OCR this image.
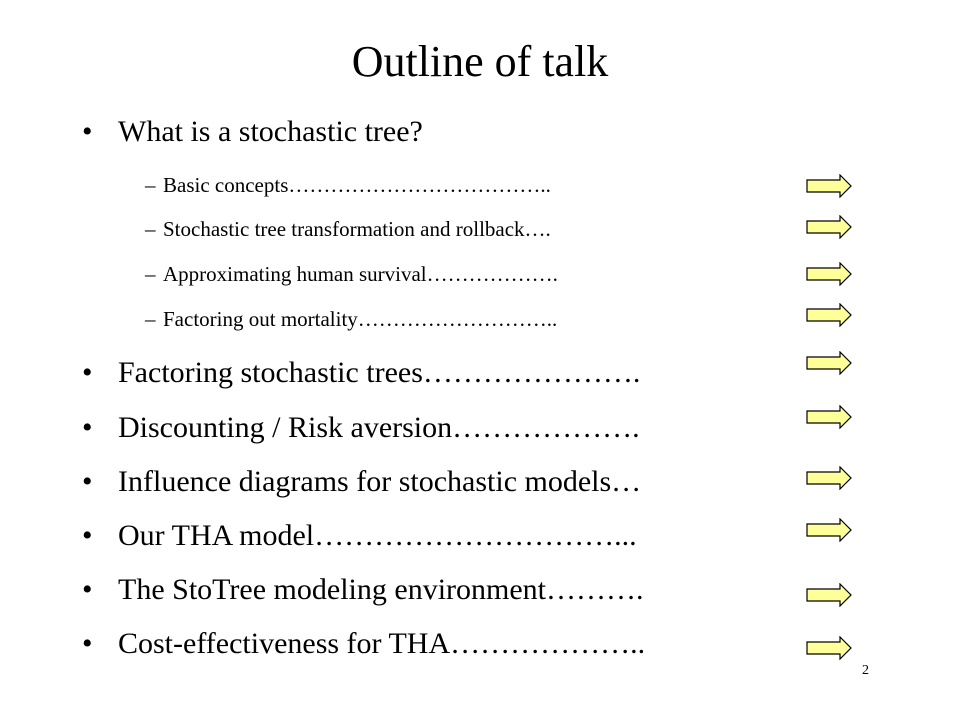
Outline of talk
• What is a stochastic tree?
– Basic concepts………………………………..
– Stochastic tree transformation and rollback….
– Approximating human survival……………….
– Factoring out mortality………………………..
• Factoring stochastic trees………………….
• Discounting / Risk aversion……………….
• Influence diagrams for stochastic models…
• Our THA model…………………………...
• The StoTree modeling environment……….
• Cost-effectiveness for THA………………..
2
